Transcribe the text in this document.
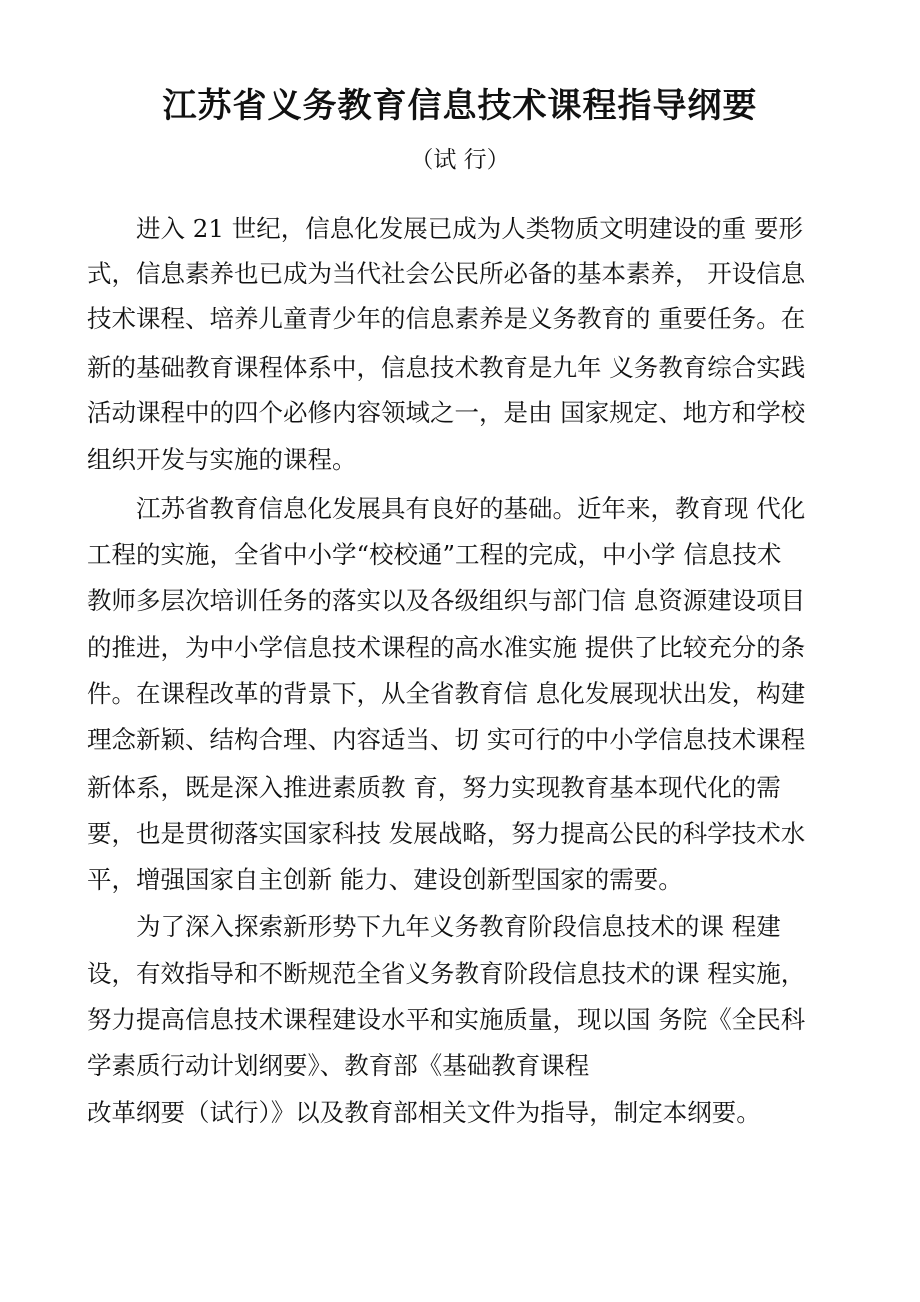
江苏省义务教育信息技术课程指导纲要
（试 行）
　　进入 21 世纪，信息化发展已成为人类物质文明建设的重 要形
式，信息素养也已成为当代社会公民所必备的基本素养， 开设信息
技术课程、培养儿童青少年的信息素养是义务教育的 重要任务。在
新的基础教育课程体系中，信息技术教育是九年 义务教育综合实践
活动课程中的四个必修内容领域之一，是由 国家规定、地方和学校
组织开发与实施的课程。
　　江苏省教育信息化发展具有良好的基础。近年来，教育现 代化
工程的实施，全省中小学“校校通”工程的完成，中小学 信息技术
教师多层次培训任务的落实以及各级组织与部门信 息资源建设项目
的推进，为中小学信息技术课程的高水准实施 提供了比较充分的条
件。在课程改革的背景下，从全省教育信 息化发展现状出发，构建
理念新颖、结构合理、内容适当、切 实可行的中小学信息技术课程
新体系，既是深入推进素质教 育，努力实现教育基本现代化的需
要，也是贯彻落实国家科技 发展战略，努力提高公民的科学技术水
平，增强国家自主创新 能力、建设创新型国家的需要。
　　为了深入探索新形势下九年义务教育阶段信息技术的课 程建
设，有效指导和不断规范全省义务教育阶段信息技术的课 程实施，
努力提高信息技术课程建设水平和实施质量，现以国 务院《全民科
学素质行动计划纲要》、教育部《基础教育课程
改革纲要（试行）》以及教育部相关文件为指导，制定本纲要。
